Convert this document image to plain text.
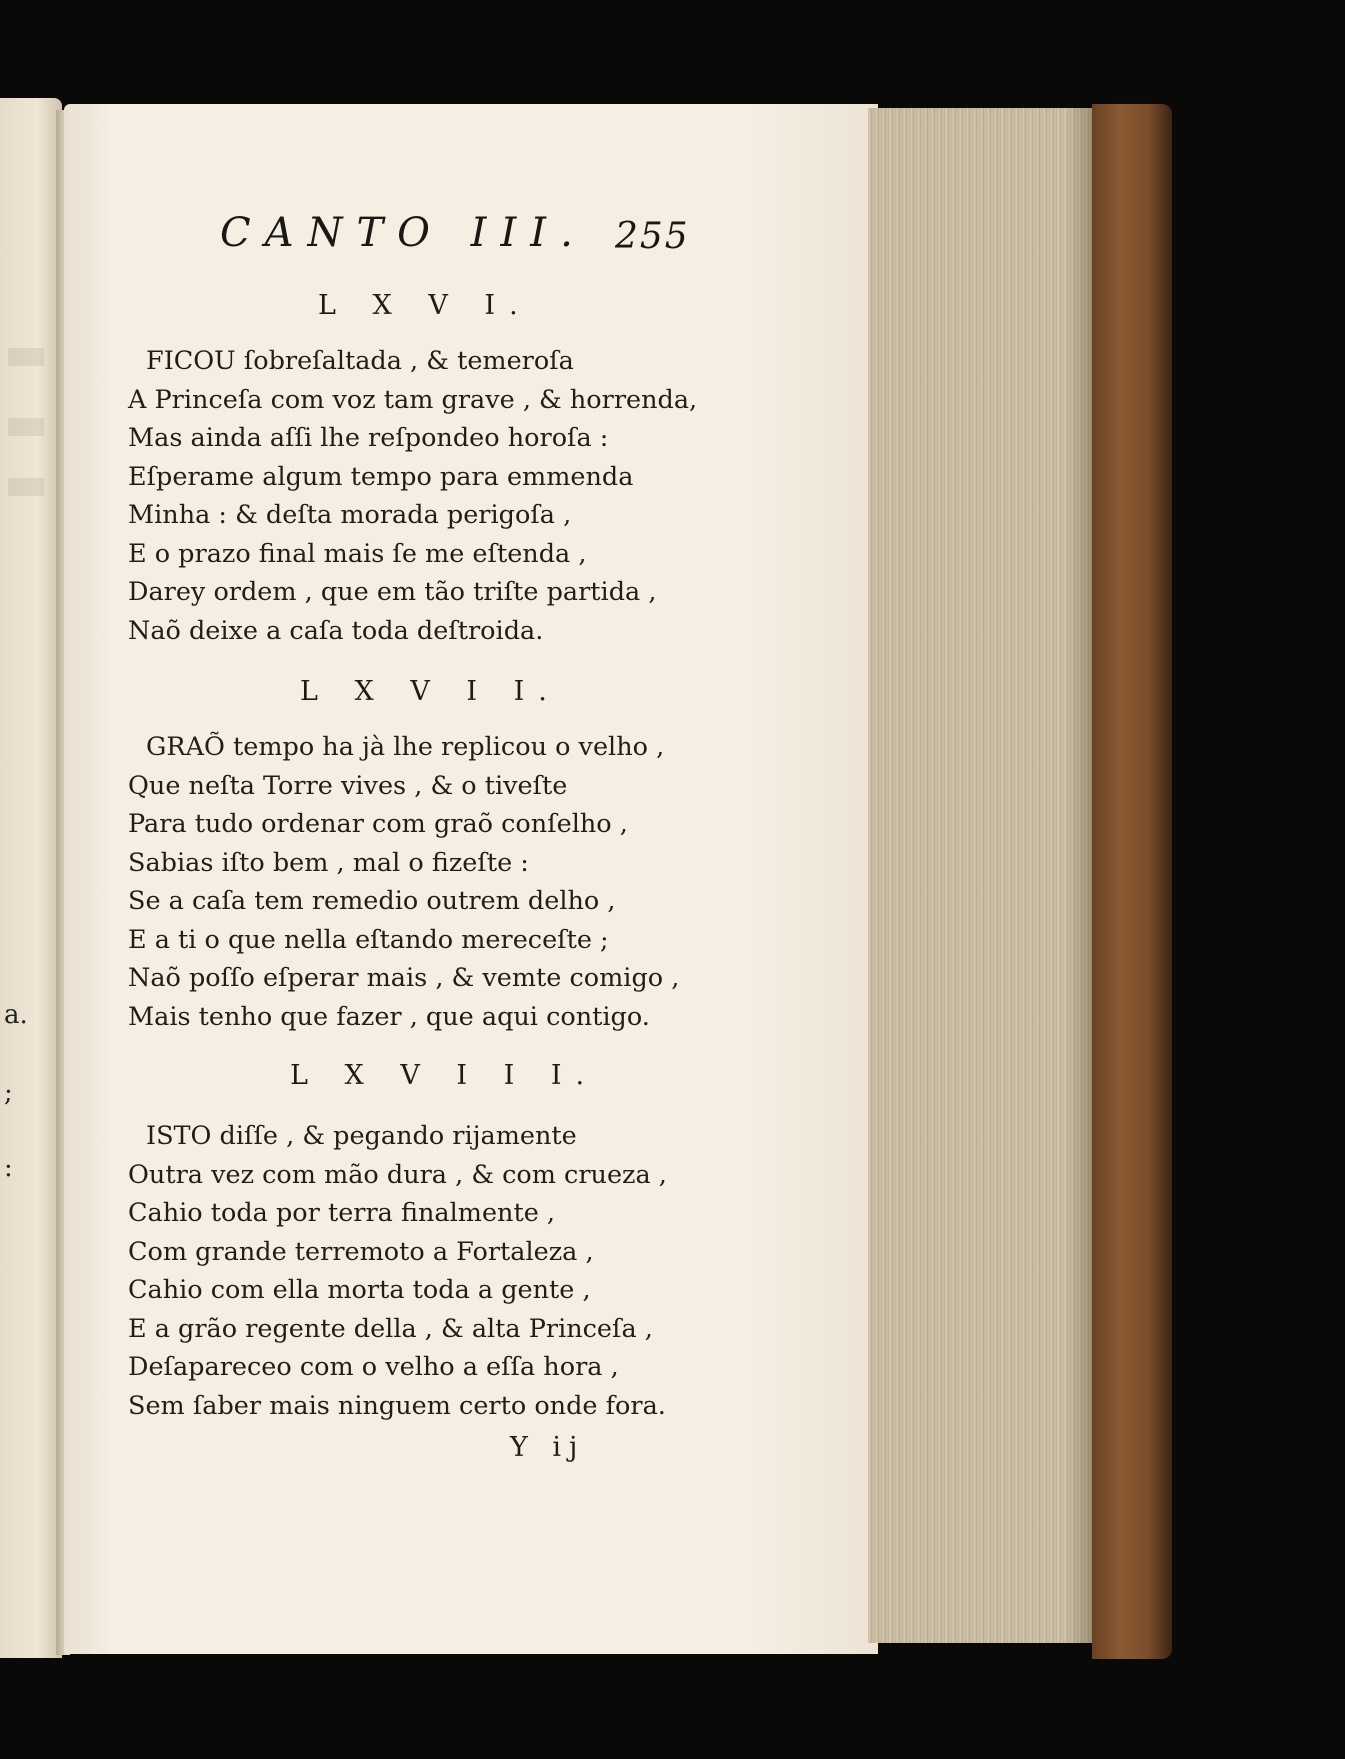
a.
;
:
CANTO III. 255
L X V I.
FICOU ſobreſaltada , & temeroſa
A Princeſa com voz tam grave , & horrenda,
Mas ainda aſſi lhe reſpondeo horoſa :
Eſperame algum tempo para emmenda
Minha : & deſta morada perigoſa ,
E o prazo final mais ſe me eſtenda ,
Darey ordem , que em tão triſte partida ,
Naõ deixe a caſa toda deſtroida.
L X V I I.
GRAÕ tempo ha jà lhe replicou o velho ,
Que neſta Torre vives , & o tiveſte
Para tudo ordenar com graõ conſelho ,
Sabias iſto bem , mal o fizeſte :
Se a caſa tem remedio outrem delho ,
E a ti o que nella eſtando mereceſte ;
Naõ poſſo eſperar mais , & vemte comigo ,
Mais tenho que fazer , que aqui contigo.
L X V I I I.
ISTO diſſe , & pegando rijamente
Outra vez com mão dura , & com crueza ,
Cahio toda por terra finalmente ,
Com grande terremoto a Fortaleza ,
Cahio com ella morta toda a gente ,
E a grão regente della , & alta Princeſa ,
Deſapareceo com o velho a eſſa hora ,
Sem ſaber mais ninguem certo onde fora.
Y ij
